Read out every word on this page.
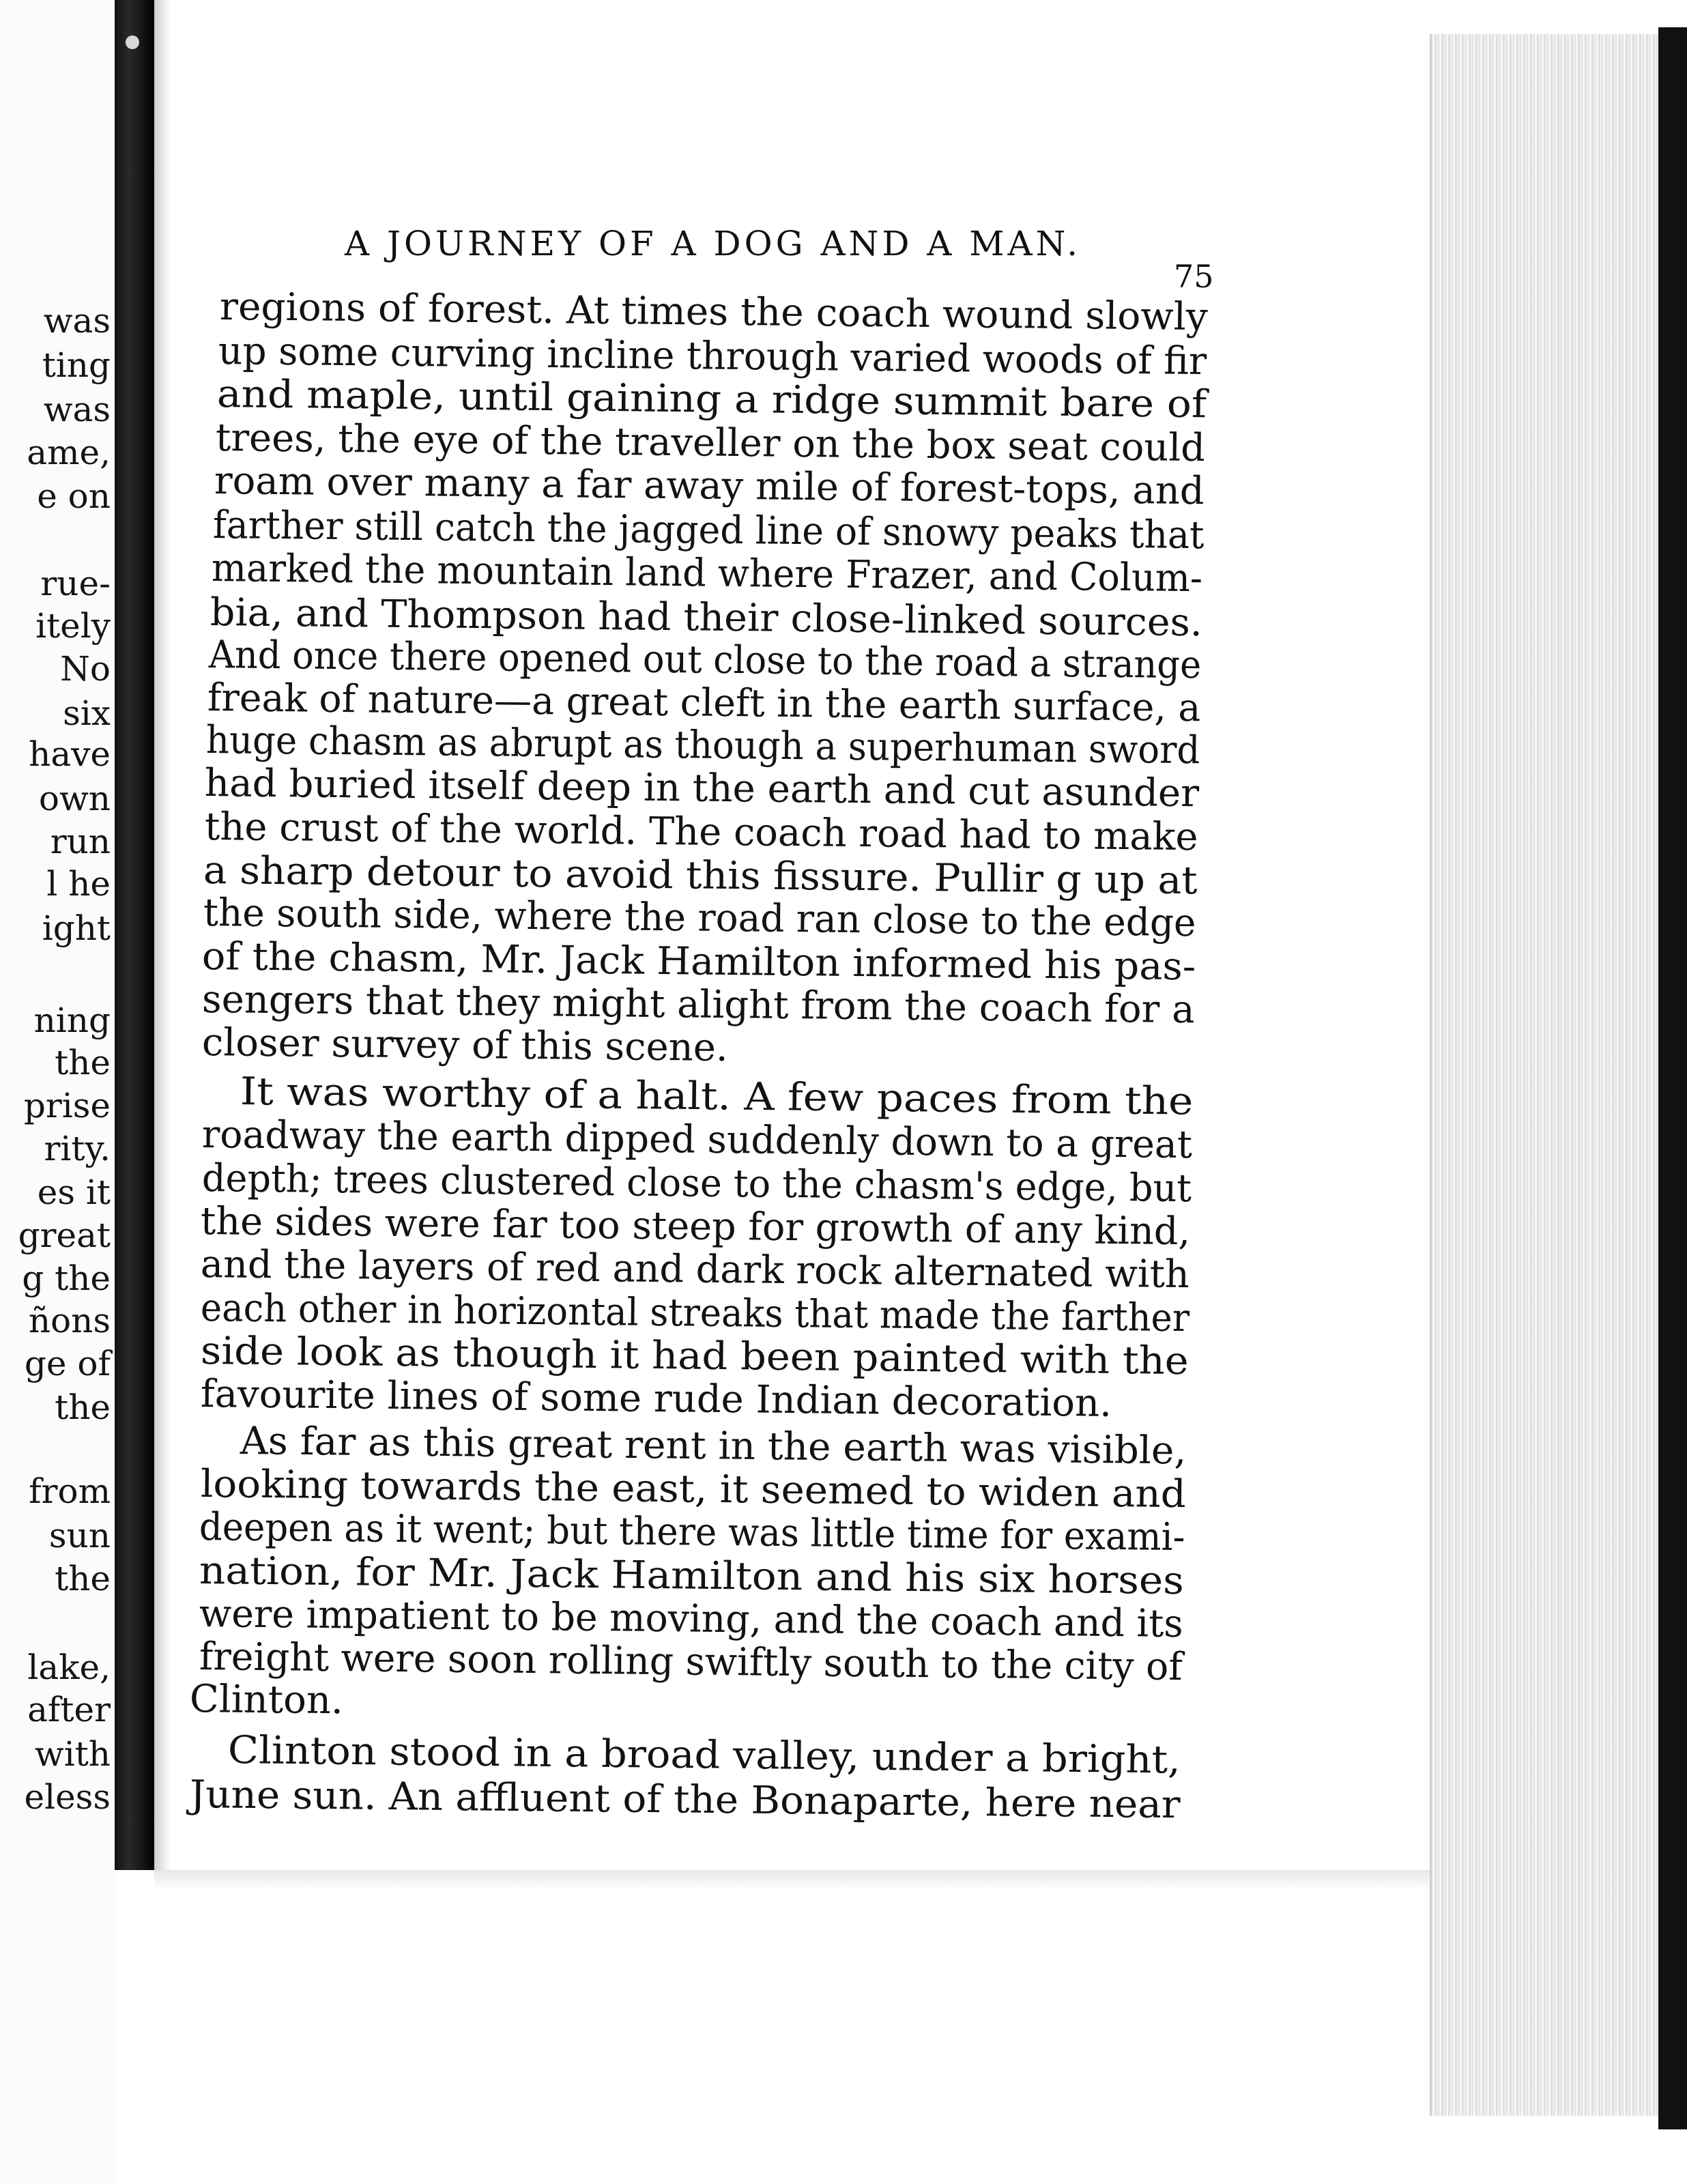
was
ting
was
ame,
e on
rue-
itely
No
six
have
own
run
l he
ight
ning
the
prise
rity.
es it
great
g the
ñons
ge of
the
from
sun
the
lake,
after
with
eless
A JOURNEY OF A DOG AND A MAN.
75
regions of forest. At times the coach wound slowly
up some curving incline through varied woods of fir
and maple, until gaining a ridge summit bare of
trees, the eye of the traveller on the box seat could
roam over many a far away mile of forest-tops, and
farther still catch the jagged line of snowy peaks that
marked the mountain land where Frazer, and Colum-
bia, and Thompson had their close-linked sources.
And once there opened out close to the road a strange
freak of nature—a great cleft in the earth surface, a
huge chasm as abrupt as though a superhuman sword
had buried itself deep in the earth and cut asunder
the crust of the world. The coach road had to make
a sharp detour to avoid this fissure. Pullir g up at
the south side, where the road ran close to the edge
of the chasm, Mr. Jack Hamilton informed his pas-
sengers that they might alight from the coach for a
closer survey of this scene.
It was worthy of a halt. A few paces from the
roadway the earth dipped suddenly down to a great
depth; trees clustered close to the chasm's edge, but
the sides were far too steep for growth of any kind,
and the layers of red and dark rock alternated with
each other in horizontal streaks that made the farther
side look as though it had been painted with the
favourite lines of some rude Indian decoration.
As far as this great rent in the earth was visible,
looking towards the east, it seemed to widen and
deepen as it went; but there was little time for exami-
nation, for Mr. Jack Hamilton and his six horses
were impatient to be moving, and the coach and its
freight were soon rolling swiftly south to the city of
Clinton.
Clinton stood in a broad valley, under a bright,
June sun. An affluent of the Bonaparte, here near
